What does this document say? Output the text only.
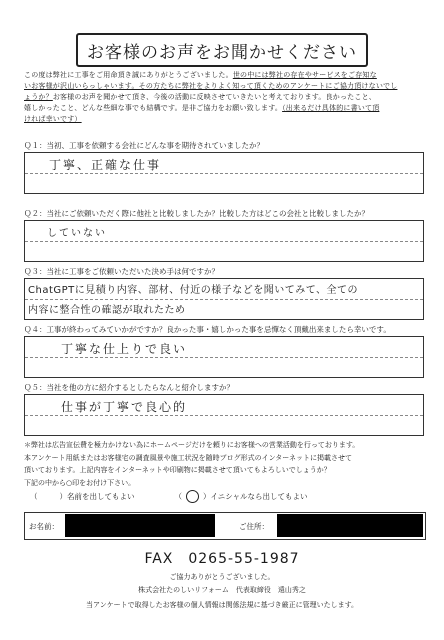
お客様のお声をお聞かせください

この度は弊社に工事をご用命頂き誠にありがとうございました。世の中には弊社の存在やサービスをご存知な

いお客様が沢山いらっしゃいます。その方たちに弊社をよりよく知って頂くためのアンケートにご協力頂けないでし

ょうか？お客様のお声を聞かせて頂き、今後の活動に反映させていきたいと考えております。良かったこと、

嬉しかったこと、どんな些細な事でも結構です。是非ご協力をお願い致します。（出来るだけ具体的に書いて頂

ければ幸いです）

Ｑ１：当初、工事を依頼する会社にどんな事を期待されていましたか？
丁寧、正確な仕事
Ｑ２：当社にご依頼いただく際に他社と比較しましたか？比較した方はどこの会社と比較しましたか？
していない
Ｑ３：当社に工事をご依頼いただいた決め手は何ですか？
ChatGPTに見積り内容、部材、付近の様子などを聞いてみて、全ての
内容に整合性の確認が取れたため
Ｑ４：工事が終わってみていかがですか？良かった事・嬉しかった事を忌憚なく頂戴出来ましたら幸いです。
丁寧な仕上りで良い
Ｑ５：当社を他の方に紹介するとしたらなんと紹介しますか？
仕事が丁寧で良心的

＊弊社は広告宣伝費を極力かけない為にホームページだけを頼りにお客様への営業活動を行っております。

本アンケート用紙またはお客様宅の調査風景や施工状況を随時ブログ形式のインターネットに掲載させて

頂いております。上記内容をインターネットや印刷物に掲載させて頂いてもよろしいでしょうか？

下記の中から○印をお付け下さい。

（	） 名前を出してもよい	（	） イニシャルなら出してもよい
お名前：	ご住所：
FAX　0265-55-1987
ご協力ありがとうございました。
株式会社たのしいリフォーム　代表取締役　遠山秀之
当アンケートで取得したお客様の個人情報は関係法規に基づき厳正に管理いたします。
